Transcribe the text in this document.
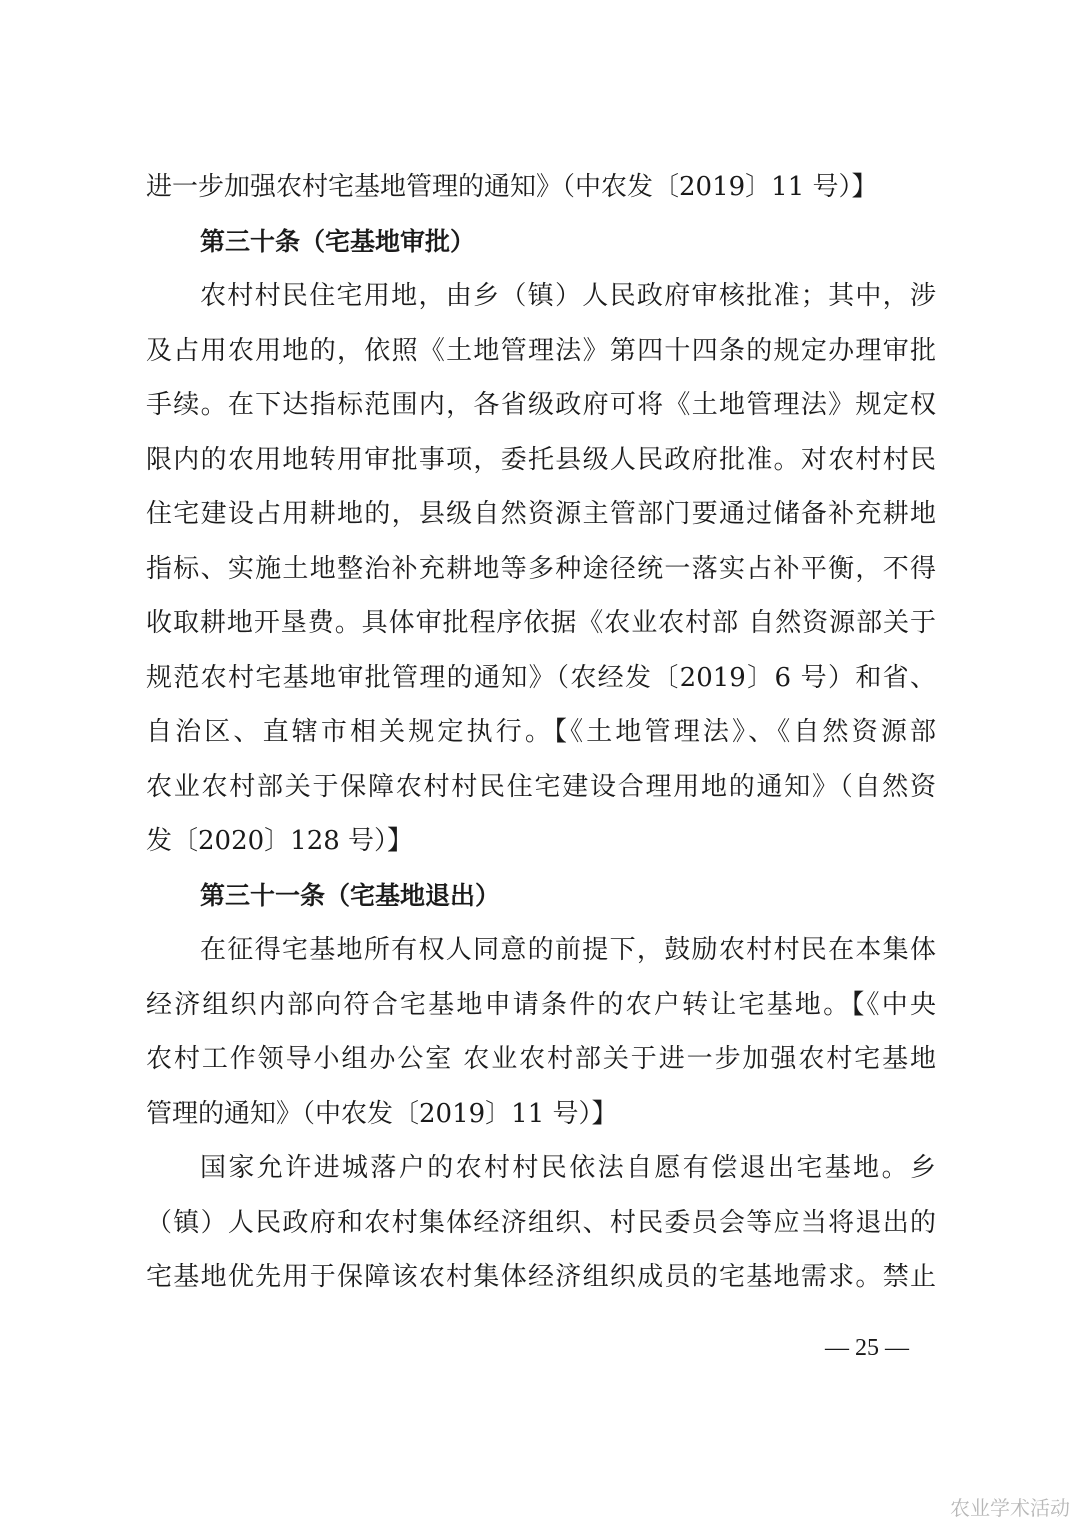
进一步加强农村宅基地管理的通知》（中农发〔2019〕11 号）】
第三十条（宅基地审批）
农村村民住宅用地，由乡（镇）人民政府审核批准；其中，涉
及占用农用地的，依照《土地管理法》第四十四条的规定办理审批
手续。在下达指标范围内，各省级政府可将《土地管理法》规定权
限内的农用地转用审批事项，委托县级人民政府批准。对农村村民
住宅建设占用耕地的，县级自然资源主管部门要通过储备补充耕地
指标、实施土地整治补充耕地等多种途径统一落实占补平衡，不得
收取耕地开垦费。具体审批程序依据《农业农村部 自然资源部关于
规范农村宅基地审批管理的通知》（农经发〔2019〕6 号）和省、
自治区、直辖市相关规定执行。【《土地管理法》、《自然资源部
农业农村部关于保障农村村民住宅建设合理用地的通知》（自然资
发〔2020〕128 号）】
第三十一条（宅基地退出）
在征得宅基地所有权人同意的前提下，鼓励农村村民在本集体
经济组织内部向符合宅基地申请条件的农户转让宅基地。【《中央
农村工作领导小组办公室 农业农村部关于进一步加强农村宅基地
管理的通知》（中农发〔2019〕11 号）】
国家允许进城落户的农村村民依法自愿有偿退出宅基地。乡
（镇）人民政府和农村集体经济组织、村民委员会等应当将退出的
宅基地优先用于保障该农村集体经济组织成员的宅基地需求。禁止
— 25 —
农业学术活动
